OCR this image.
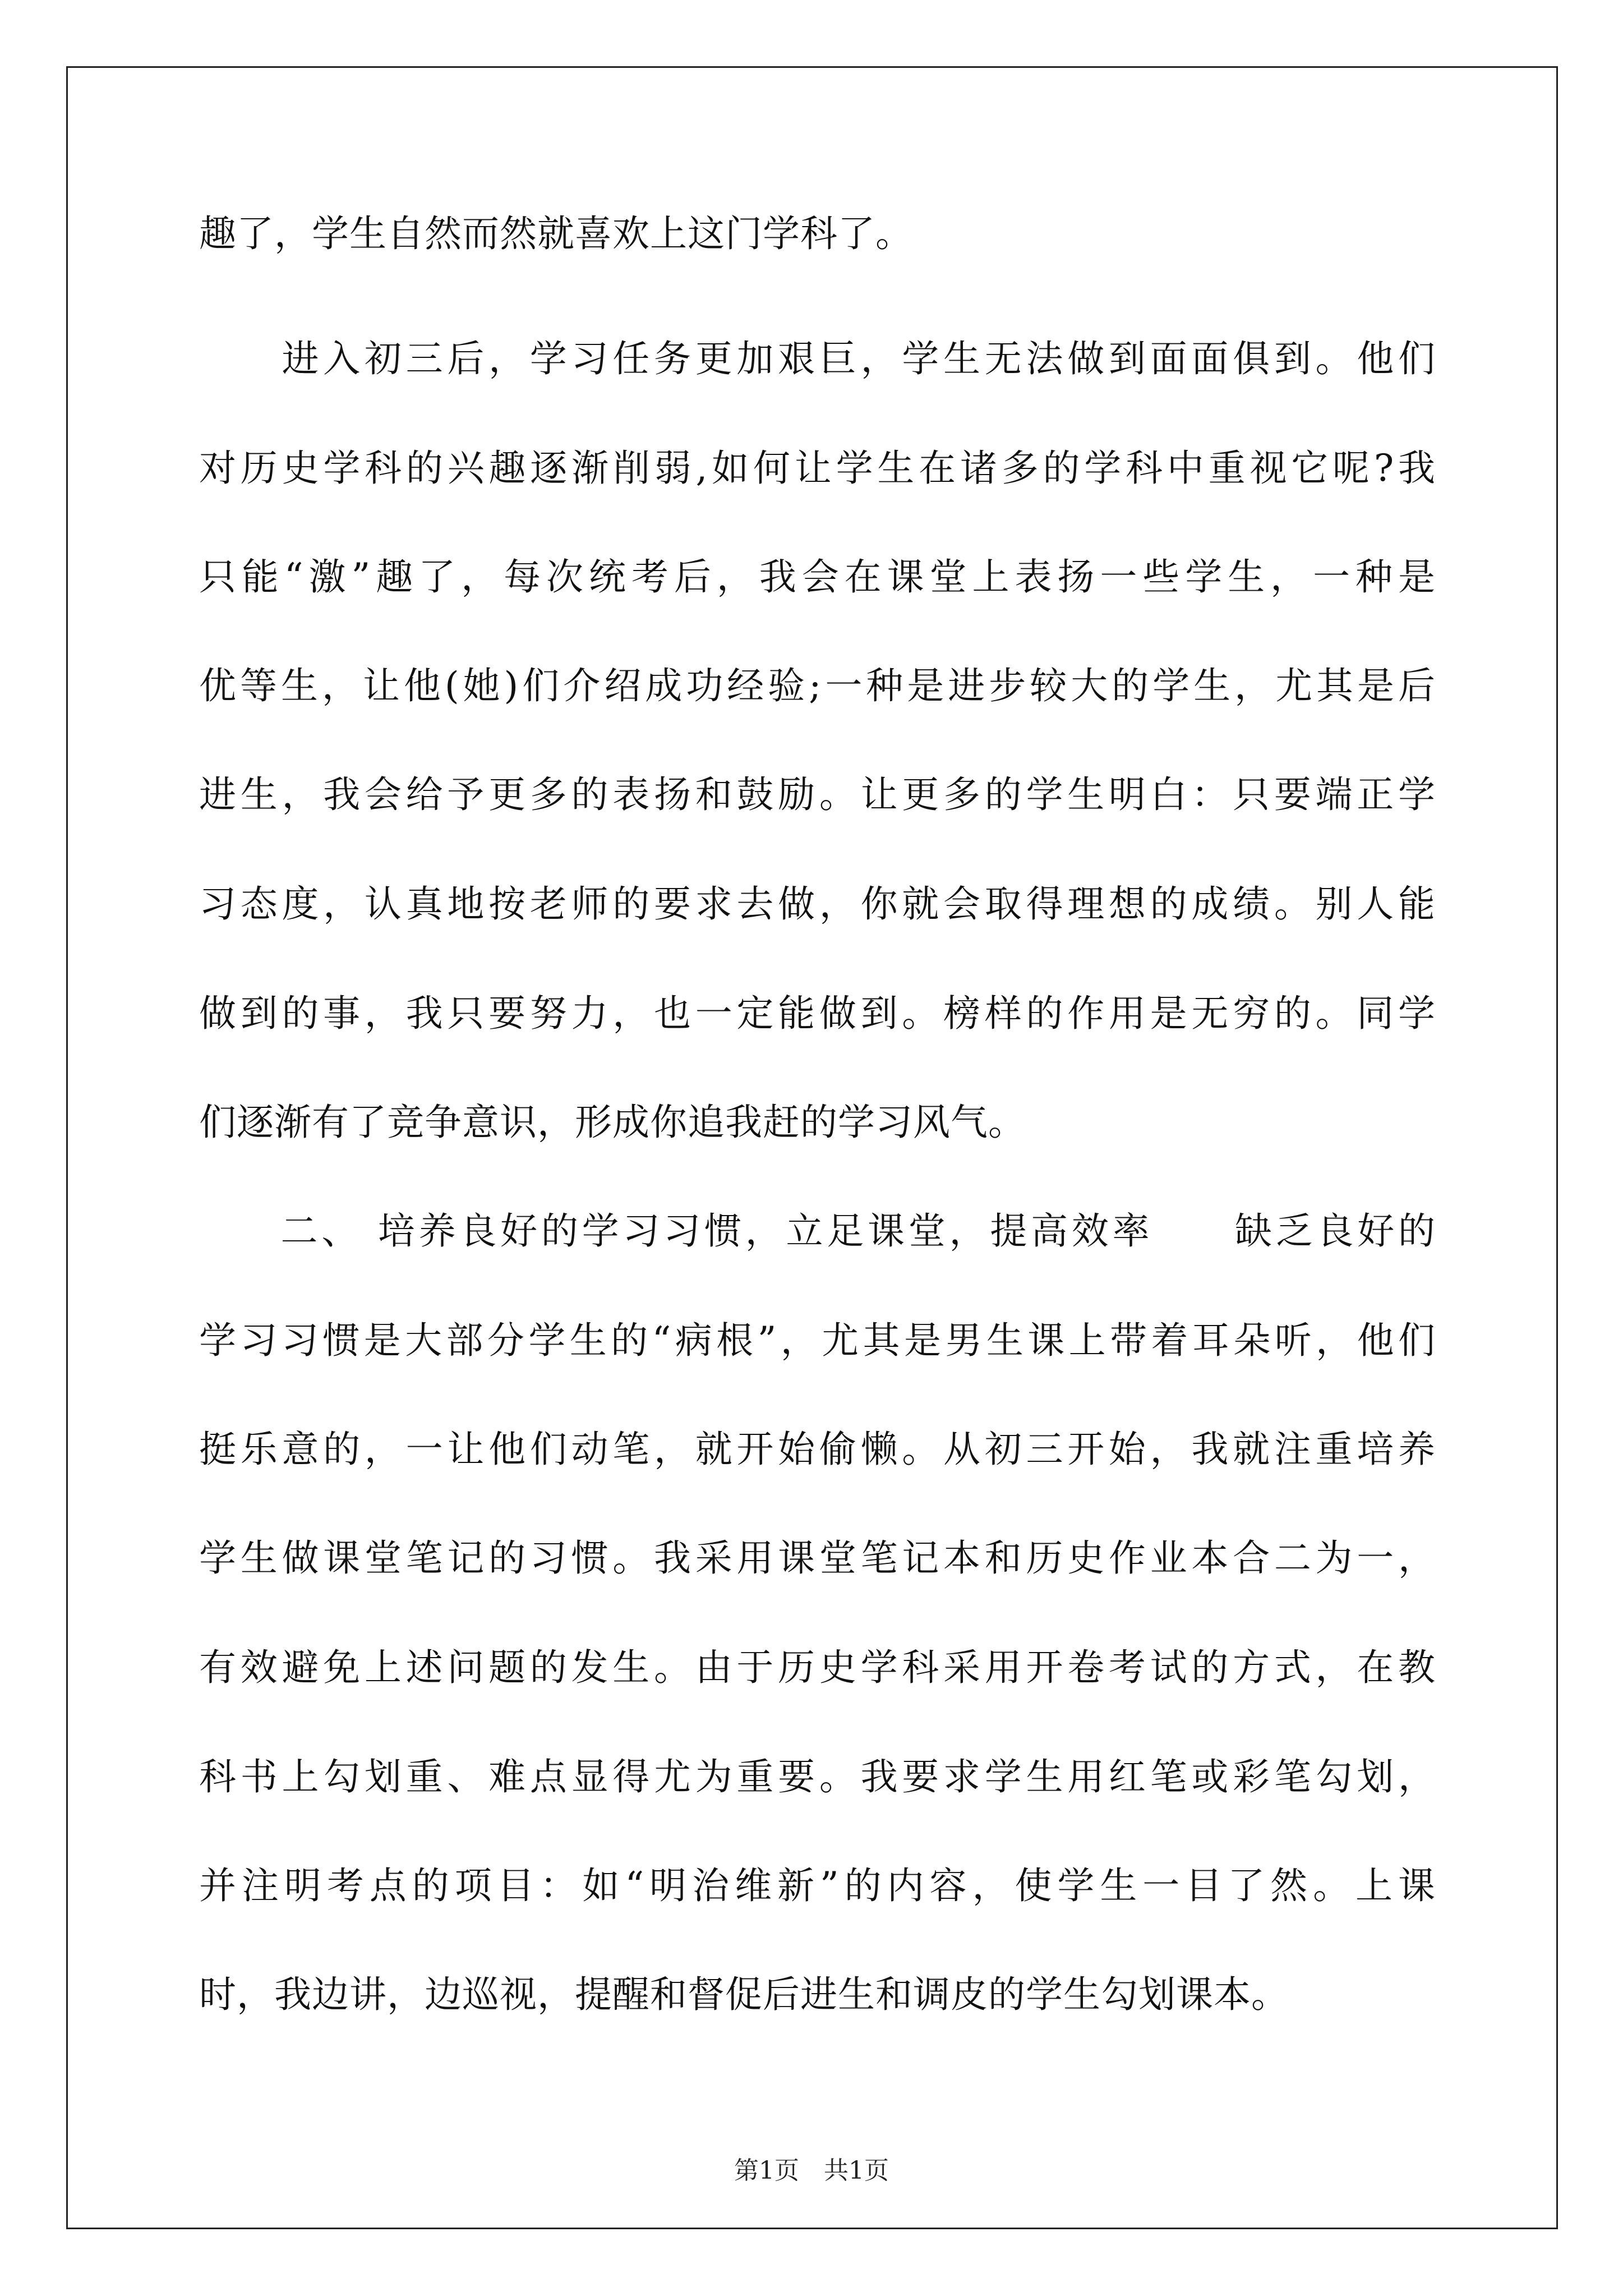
趣了，学生自然而然就喜欢上这门学科了。
　　进入初三后，学习任务更加艰巨，学生无法做到面面俱到。他们
对历史学科的兴趣逐渐削弱,如何让学生在诸多的学科中重视它呢?我
只能“激”趣了，每次统考后，我会在课堂上表扬一些学生，一种是
优等生，让他(她)们介绍成功经验;一种是进步较大的学生，尤其是后
进生，我会给予更多的表扬和鼓励。让更多的学生明白：只要端正学
习态度，认真地按老师的要求去做，你就会取得理想的成绩。别人能
做到的事，我只要努力，也一定能做到。榜样的作用是无穷的。同学
们逐渐有了竞争意识，形成你追我赶的学习风气。
　　二、 培养良好的学习习惯，立足课堂，提高效率　　缺乏良好的
学习习惯是大部分学生的“病根”，尤其是男生课上带着耳朵听，他们
挺乐意的，一让他们动笔，就开始偷懒。从初三开始，我就注重培养
学生做课堂笔记的习惯。我采用课堂笔记本和历史作业本合二为一，
有效避免上述问题的发生。由于历史学科采用开卷考试的方式，在教
科书上勾划重、难点显得尤为重要。我要求学生用红笔或彩笔勾划，
并注明考点的项目：如“明治维新”的内容，使学生一目了然。上课
时，我边讲，边巡视，提醒和督促后进生和调皮的学生勾划课本。
第1页　共1页
